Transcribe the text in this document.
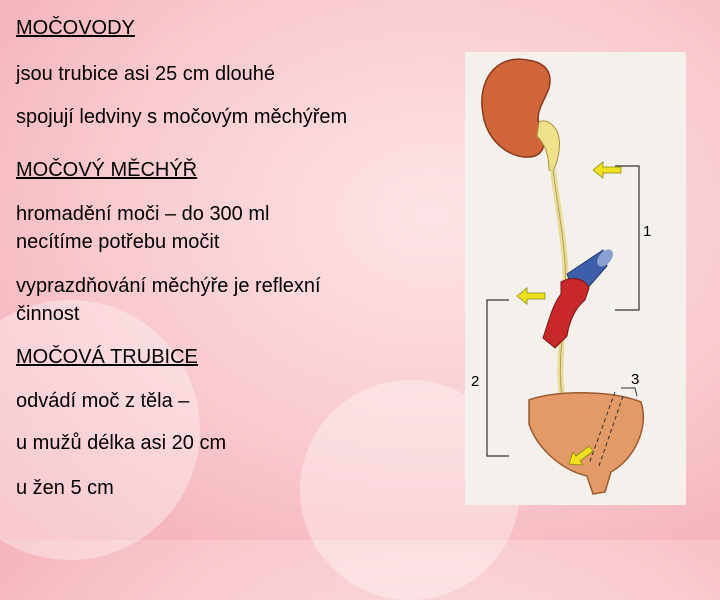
MOČOVODY
jsou trubice asi 25 cm dlouhé
spojují ledviny s močovým měchýřem
MOČOVÝ MĚCHÝŘ
hromadění moči – do 300 ml
necítíme potřebu močit
vyprazdňování měchýře je reflexní
činnost
MOČOVÁ TRUBICE
odvádí moč z těla –
u mužů délka asi 20 cm
u žen 5 cm
1
2	3
